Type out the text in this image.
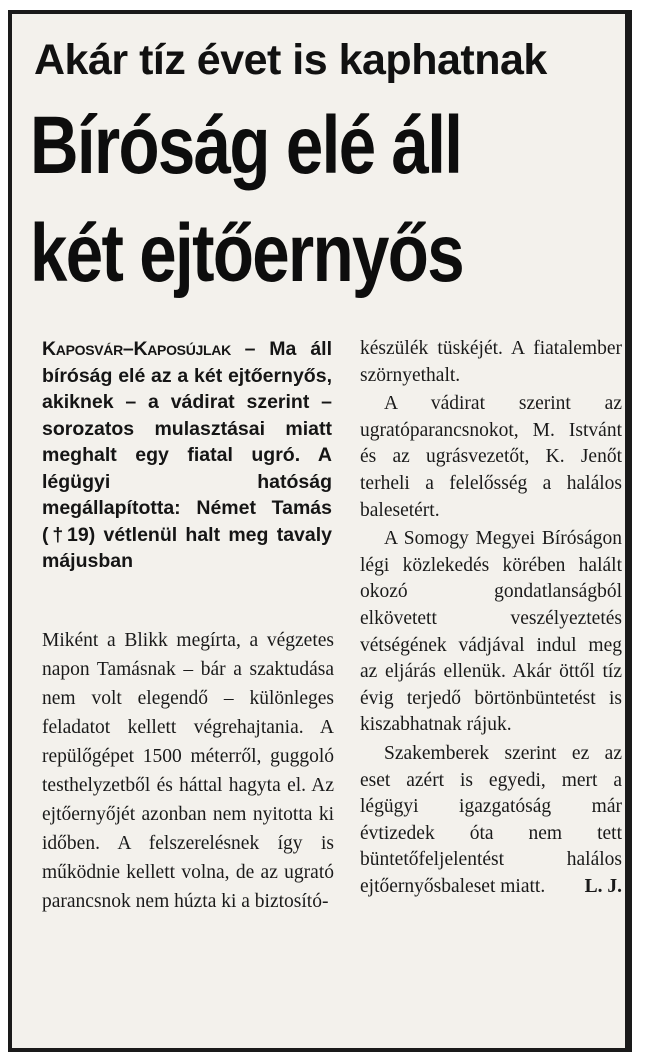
Akár tíz évet is kaphatnak
Bíróság elé áll
két ejtőernyős

Kaposvár–Kaposújlak – Ma áll bíróság elé az a két ejtőernyős, akiknek – a vádirat szerint – sorozatos mulasztásai miatt meghalt egy fiatal ugró. A légügyi hatóság megállapította: Német Tamás (†19) vétlenül halt meg tavaly májusban

Miként a Blikk megírta, a végzetes napon Tamásnak – bár a szaktudása nem volt elegendő – különleges feladatot kellett végrehajtania. A repülőgépet 1500 méterről, guggoló testhelyzetből és háttal hagyta el. Az ejtőernyőjét azonban nem nyitotta ki időben. A felszerelésnek így is működnie kellett volna, de az ugrató parancsnok nem húzta ki a biztosító-

készülék tüskéjét. A fiatalember szörnyethalt.

A vádirat szerint az ugratóparancsnokot, M. Istvánt és az ugrásvezetőt, K. Jenőt terheli a felelősség a halálos balesetért.

A Somogy Megyei Bíróságon légi közlekedés körében halált okozó gondatlanságból elkövetett veszélyeztetés vétségének vádjával indul meg az eljárás ellenük. Akár öttől tíz évig terjedő börtönbüntetést is kiszabhatnak rájuk.

Szakemberek szerint ez az eset azért is egyedi, mert a légügyi igazgatóság már évtizedek óta nem tett büntetőfeljelentést halálos ejtőernyősbaleset miatt.	L. J.
